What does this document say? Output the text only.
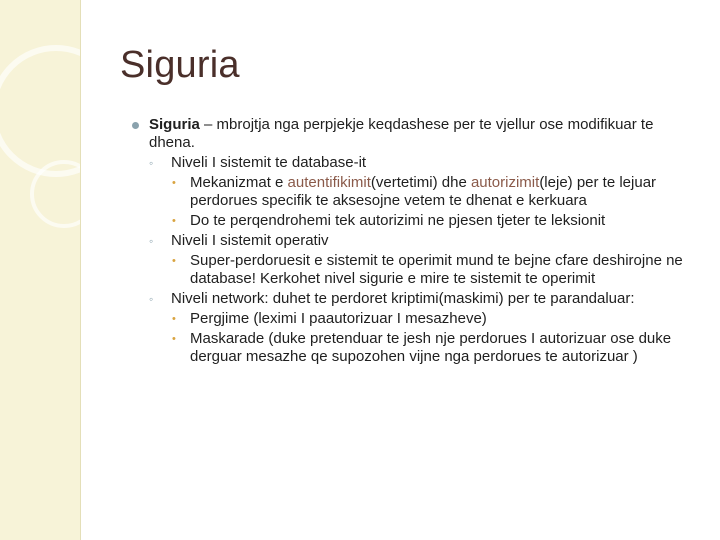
Siguria
Siguria – mbrojtja nga perpjekje keqdashese per te vjellur ose modifikuar te dhena.
◦ Niveli I sistemit te database-it
• Mekanizmat e autentifikimit(vertetimi) dhe autorizimit(leje) per te lejuar perdorues specifik te aksesojne vetem te dhenat e kerkuara
• Do te perqendrohemi tek autorizimi ne pjesen tjeter te leksionit
◦ Niveli I sistemit operativ
• Super-perdoruesit e sistemit te operimit mund te bejne cfare deshirojne ne database! Kerkohet nivel sigurie e mire te sistemit te operimit
◦ Niveli network: duhet te perdoret kriptimi(maskimi) per te parandaluar:
• Pergjime (leximi I paautorizuar I mesazheve)
• Maskarade (duke pretenduar te jesh nje perdorues I autorizuar ose duke derguar mesazhe qe supozohen vijne nga perdorues te autorizuar )
